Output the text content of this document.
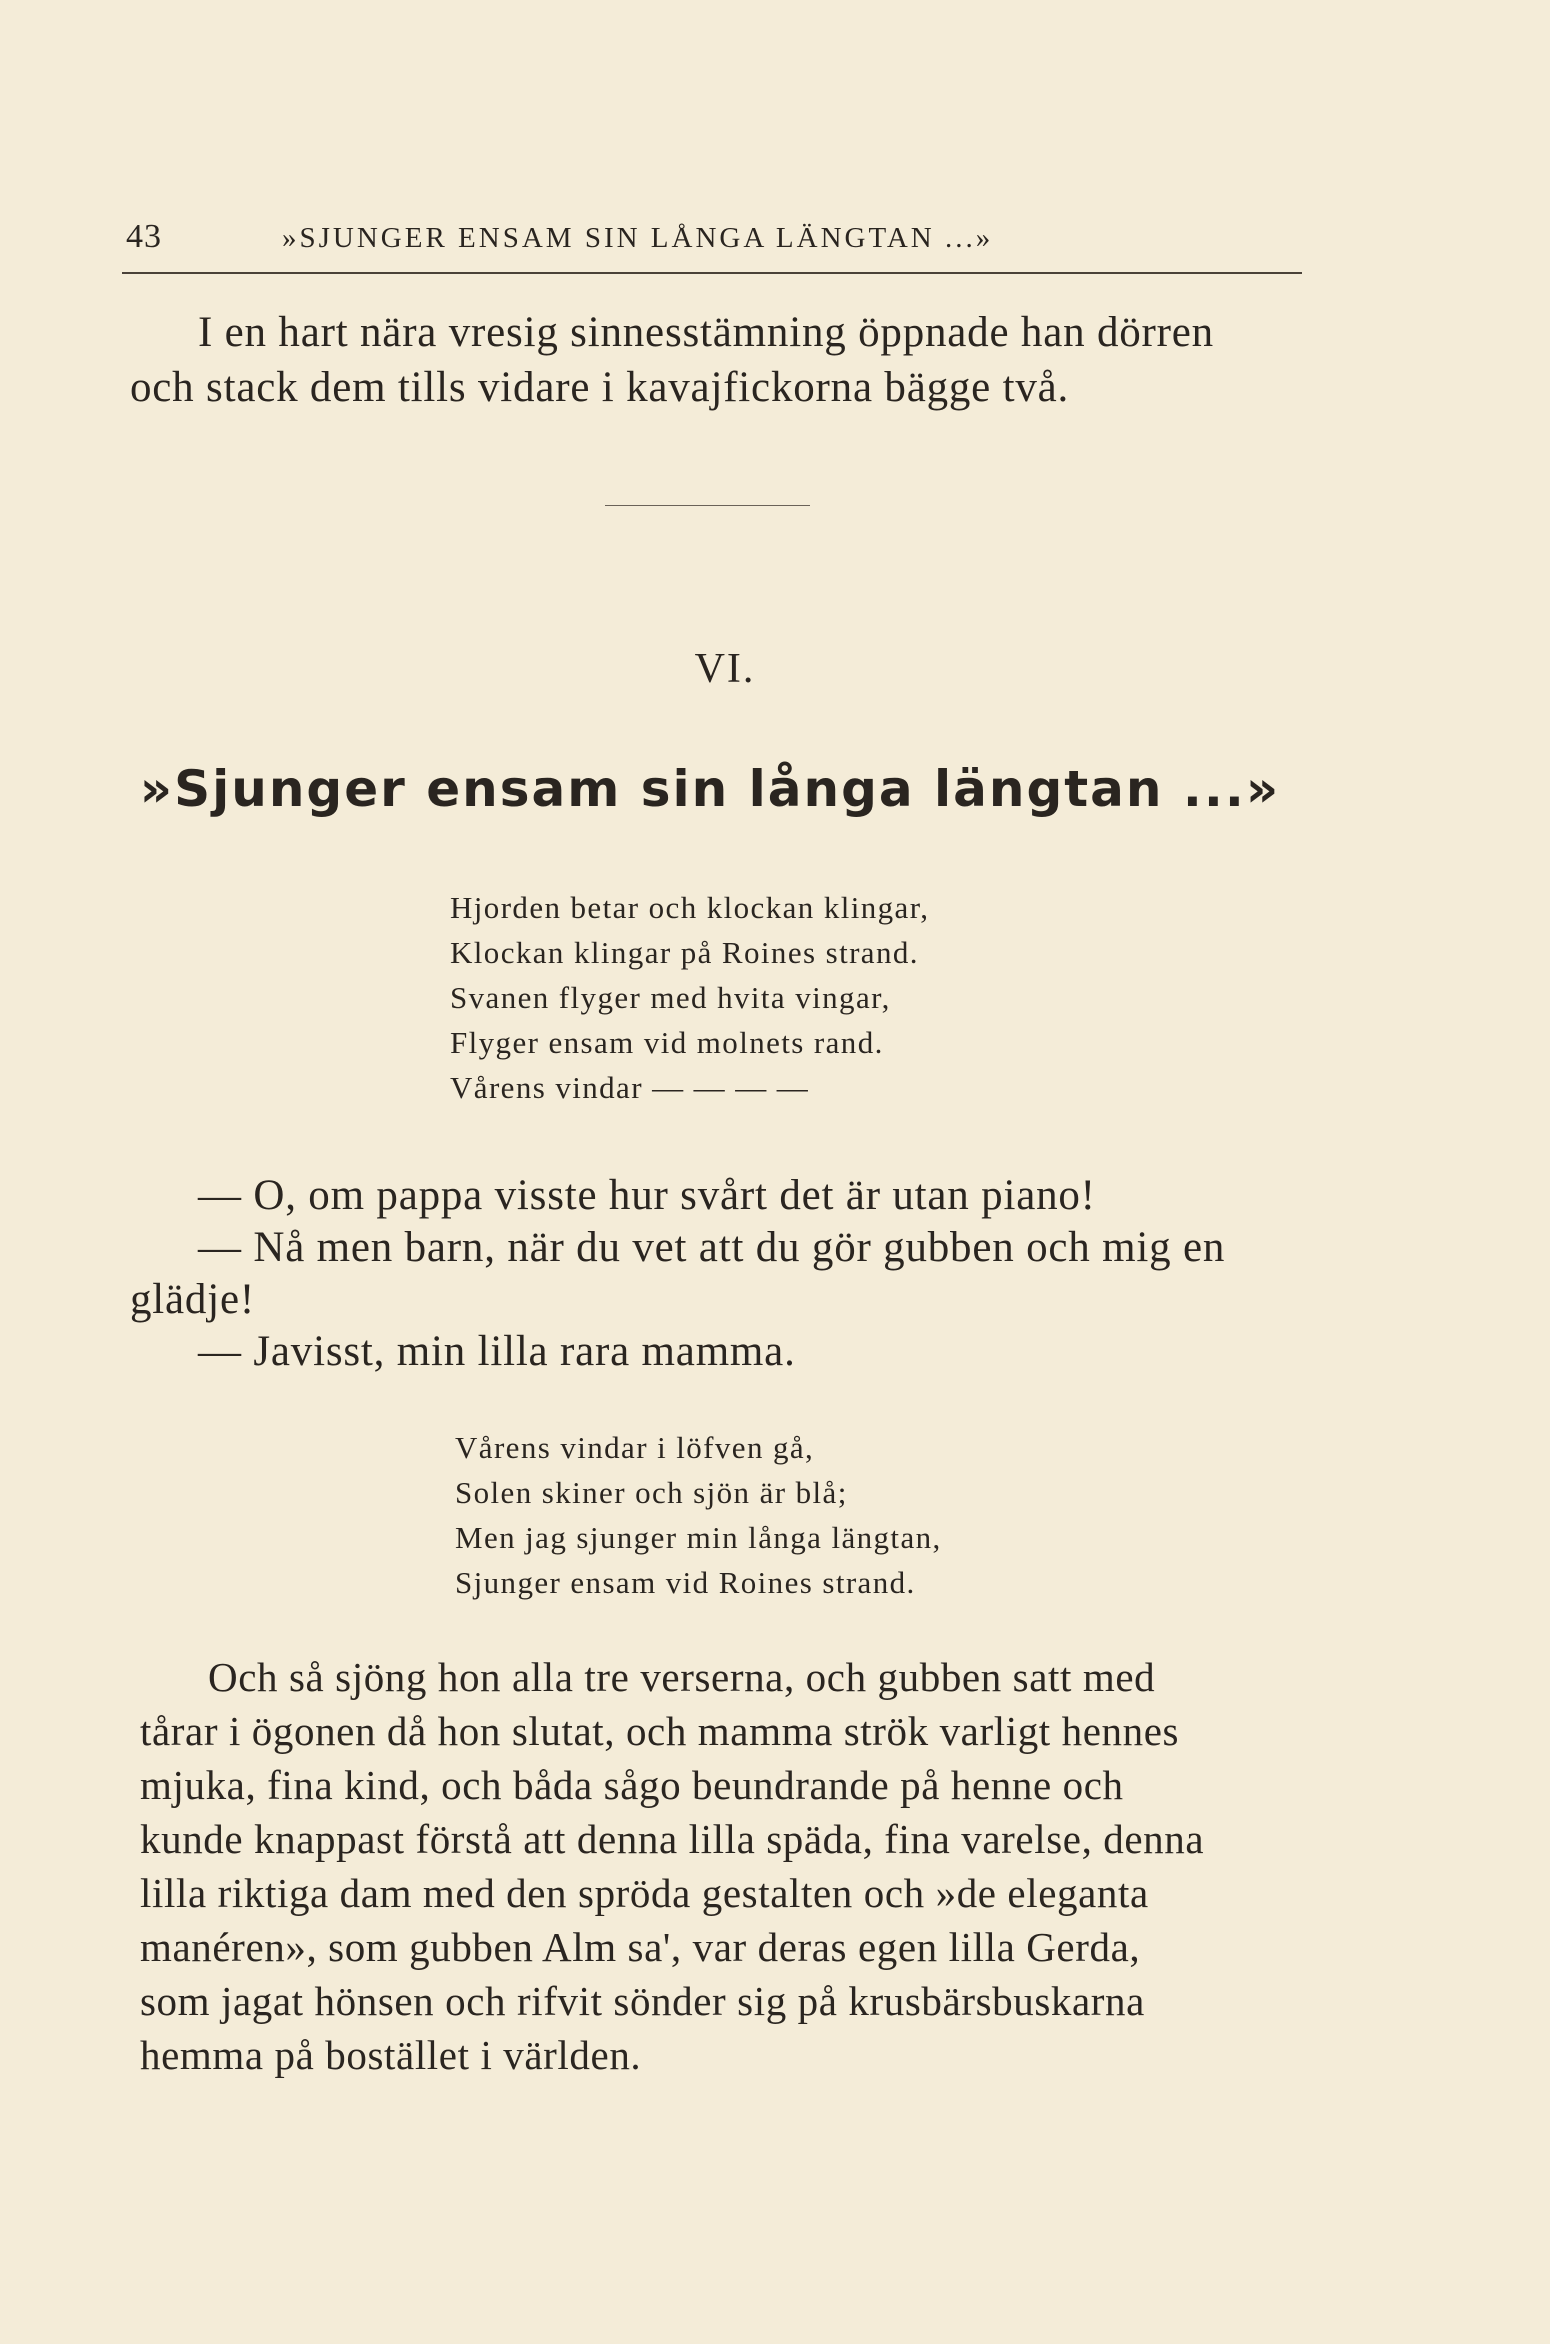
43	»SJUNGER ENSAM SIN LÅNGA LÄNGTAN ...»
I en hart nära vresig sinnesstämning öppnade han dörren
och stack dem tills vidare i kavajfickorna bägge två.
VI.
»Sjunger ensam sin långa längtan ...»
Hjorden betar och klockan klingar,
Klockan klingar på Roines strand.
Svanen flyger med hvita vingar,
Flyger ensam vid molnets rand.
Vårens vindar — — — —

— O, om pappa visste hur svårt det är utan piano!

— Nå men barn, när du vet att du gör gubben och mig en glädje!

— Javisst, min lilla rara mamma.

Vårens vindar i löfven gå,
Solen skiner och sjön är blå;
Men jag sjunger min långa längtan,
Sjunger ensam vid Roines strand.
Och så sjöng hon alla tre verserna, och gubben satt med
tårar i ögonen då hon slutat, och mamma strök varligt hennes
mjuka, fina kind, och båda sågo beundrande på henne och
kunde knappast förstå att denna lilla späda, fina varelse, denna
lilla riktiga dam med den spröda gestalten och »de eleganta
manéren», som gubben Alm sa', var deras egen lilla Gerda,
som jagat hönsen och rifvit sönder sig på krusbärsbuskarna
hemma på bostället i världen.
